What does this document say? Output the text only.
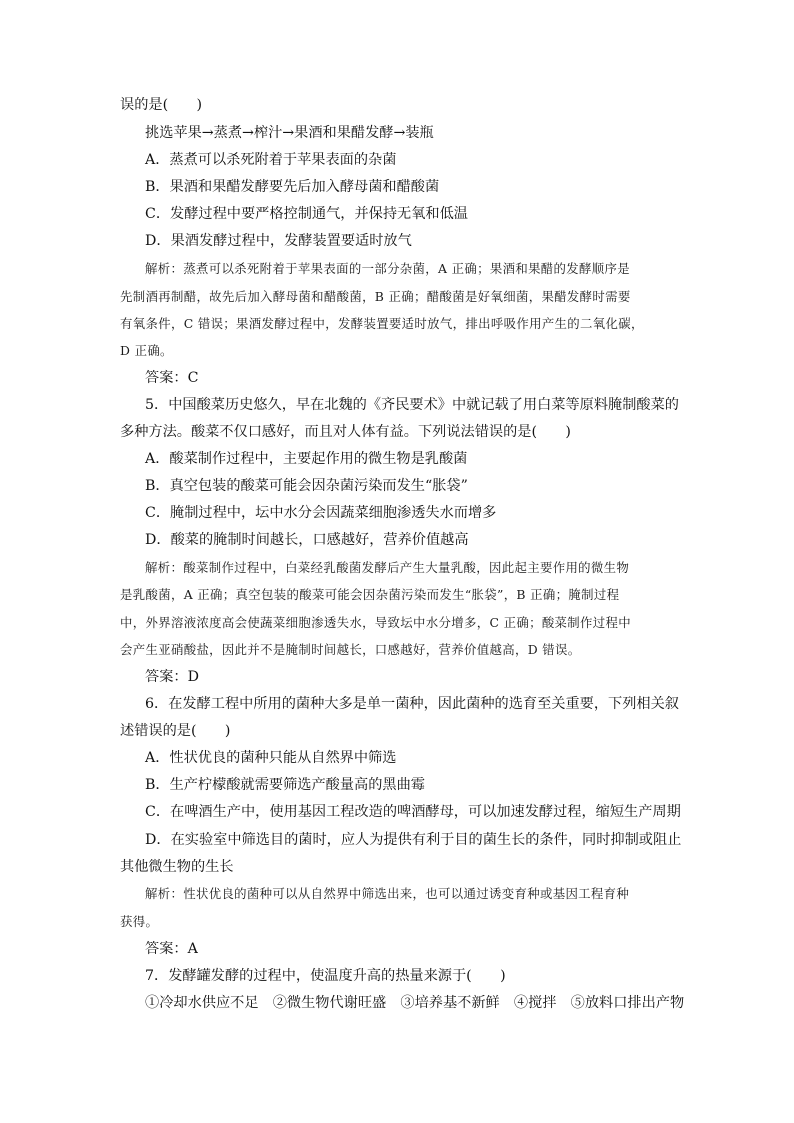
误的是(　　)
挑选苹果→蒸煮→榨汁→果酒和果醋发酵→装瓶
A．蒸煮可以杀死附着于苹果表面的杂菌
B．果酒和果醋发酵要先后加入酵母菌和醋酸菌
C．发酵过程中要严格控制通气，并保持无氧和低温
D．果酒发酵过程中，发酵装置要适时放气
解析：蒸煮可以杀死附着于苹果表面的一部分杂菌，A 正确；果酒和果醋的发酵顺序是
先制酒再制醋，故先后加入酵母菌和醋酸菌，B 正确；醋酸菌是好氧细菌，果醋发酵时需要
有氧条件，C 错误；果酒发酵过程中，发酵装置要适时放气，排出呼吸作用产生的二氧化碳，
D 正确。
答案：C
5．中国酸菜历史悠久，早在北魏的《齐民要术》中就记载了用白菜等原料腌制酸菜的
多种方法。酸菜不仅口感好，而且对人体有益。下列说法错误的是(　　)
A．酸菜制作过程中，主要起作用的微生物是乳酸菌
B．真空包装的酸菜可能会因杂菌污染而发生“胀袋”
C．腌制过程中，坛中水分会因蔬菜细胞渗透失水而增多
D．酸菜的腌制时间越长，口感越好，营养价值越高
解析：酸菜制作过程中，白菜经乳酸菌发酵后产生大量乳酸，因此起主要作用的微生物
是乳酸菌，A 正确；真空包装的酸菜可能会因杂菌污染而发生“胀袋”，B 正确；腌制过程
中，外界溶液浓度高会使蔬菜细胞渗透失水，导致坛中水分增多，C 正确；酸菜制作过程中
会产生亚硝酸盐，因此并不是腌制时间越长，口感越好，营养价值越高，D 错误。
答案：D
6．在发酵工程中所用的菌种大多是单一菌种，因此菌种的选育至关重要，下列相关叙
述错误的是(　　)
A．性状优良的菌种只能从自然界中筛选
B．生产柠檬酸就需要筛选产酸量高的黑曲霉
C．在啤酒生产中，使用基因工程改造的啤酒酵母，可以加速发酵过程，缩短生产周期
D．在实验室中筛选目的菌时，应人为提供有利于目的菌生长的条件，同时抑制或阻止
其他微生物的生长
解析：性状优良的菌种可以从自然界中筛选出来，也可以通过诱变育种或基因工程育种
获得。
答案：A
7．发酵罐发酵的过程中，使温度升高的热量来源于(　　)
①冷却水供应不足　②微生物代谢旺盛　③培养基不新鲜　④搅拌　⑤放料口排出产物
